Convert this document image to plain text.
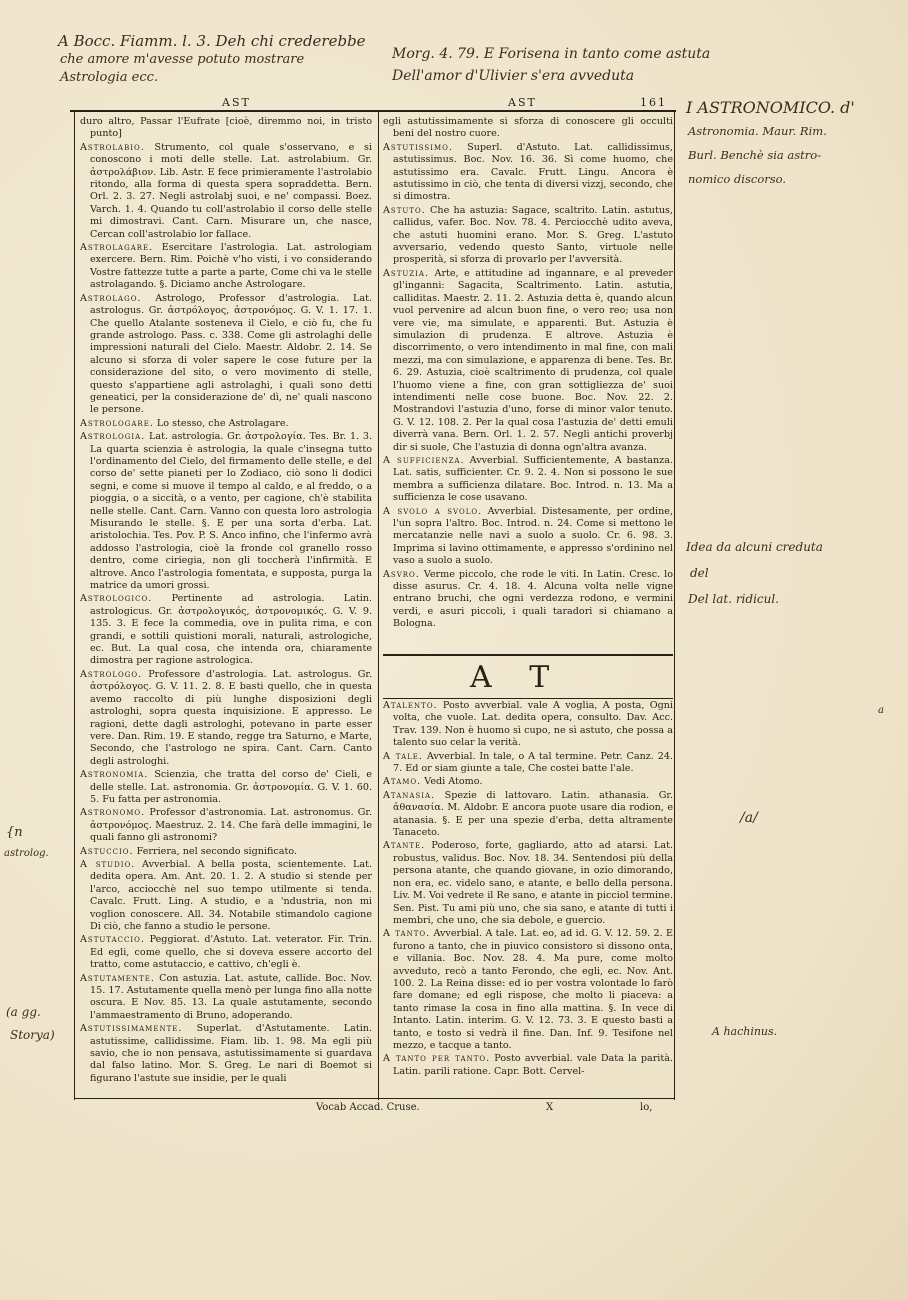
A Bocc. Fiamm. l. 3. Deh chi crederebbe
che amore m'avesse potuto mostrare
Astrologia ecc.
Morg. 4. 79. E Forisena in tanto come astuta
Dell'amor d'Ulivier s'era avveduta
I ASTRONOMICO. d'
Astronomia. Maur. Rim.
Burl. Benchè sia astro-
nomico discorso.
Idea da alcuni creduta
del
Del lat. ridicul.
a
/a/
A hachinus.
{n
astrolog.
(a gg.
Storya)
AST	AST	161

duro altro, Passar l'Eufrate [cioè, diremmo noi, in tristo punto]

Astrolabio. Strumento, col quale s'osservano, e si conoscono i moti delle stelle. Lat. astrolabium. Gr. ἀστρολάβιον. Lib. Astr. E fece primieramente l'astrolabio ritondo, alla forma di questa spera sopraddetta. Bern. Orl. 2. 3. 27. Negli astrolabj suoi, e ne' compassi. Boez. Varch. 1. 4. Quando tu coll'astrolabio il corso delle stelle mi dimostravi. Cant. Carn. Misurare un, che nasce, Cercan coll'astrolabio lor fallace.

Astrolagare. Esercitare l'astrologia. Lat. astrologiam exercere. Bern. Rim. Poichè v'ho visti, i vo considerando Vostre fattezze tutte a parte a parte, Come chi va le stelle astrolagando. §. Diciamo anche Astrologare.

Astrolago. Astrologo, Professor d'astrologia. Lat. astrologus. Gr. ἀστρόλογος, ἀστρονόμος. G. V. 1. 17. 1. Che quello Atalante sosteneva il Cielo, e ciò fu, che fu grande astrologo. Pass. c. 338. Come gli astrolaghi delle impressioni naturali del Cielo. Maestr. Aldobr. 2. 14. Se alcuno si sforza di voler sapere le cose future per la considerazione del sito, o vero movimento di stelle, questo s'appartiene agli astrolaghi, i quali sono detti geneatici, per la considerazione de' dì, ne' quali nascono le persone.

Astrologare. Lo stesso, che Astrolagare.

Astrologia. Lat. astrologia. Gr. ἀστρολογία. Tes. Br. 1. 3. La quarta scienzia è astrologia, la quale c'insegna tutto l'ordinamento del Cielo, del firmamento delle stelle, e del corso de' sette pianeti per lo Zodiaco, ciò sono li dodici segni, e come si muove il tempo al caldo, e al freddo, o a pioggia, o a siccità, o a vento, per cagione, ch'è stabilita nelle stelle. Cant. Carn. Vanno con questa loro astrologia Misurando le stelle. §. E per una sorta d'erba. Lat. aristolochia. Tes. Pov. P. S. Anco infino, che l'infermo avrà addosso l'astrologia, cioè la fronde col granello rosso dentro, come ciriegia, non gli toccherà l'infirmità. E altrove. Anco l'astrologia fomentata, e supposta, purga la matrice da umori grossi.

Astrologico. Pertinente ad astrologia. Latin. astrologicus. Gr. ἀστρολογικός, ἀστρονομικός. G. V. 9. 135. 3. E fece la commedia, ove in pulita rima, e con grandi, e sottili quistioni morali, naturali, astrologiche, ec. But. La qual cosa, che intenda ora, chiaramente dimostra per ragione astrologica.

Astrologo. Professore d'astrologia. Lat. astrologus. Gr. ἀστρόλογος. G. V. 11. 2. 8. E basti quello, che in questa avemo raccolto di più lunghe disposizioni degli astrologhi, sopra questa inquisizione. E appresso. Le ragioni, dette dagli astrologhi, potevano in parte esser vere. Dan. Rim. 19. E stando, regge tra Saturno, e Marte, Secondo, che l'astrologo ne spira. Cant. Carn. Canto degli astrologhi.

Astronomia. Scienzia, che tratta del corso de' Cieli, e delle stelle. Lat. astronomia. Gr. ἀστρονομία. G. V. 1. 60. 5. Fu fatta per astronomia.

Astronomo. Professor d'astronomia. Lat. astronomus. Gr. ἀστρονόμος. Maestruz. 2. 14. Che farà delle immagini, le quali fanno gli astronomi?

Astuccio. Ferriera, nel secondo significato.

A studio. Avverbial. A bella posta, scientemente. Lat. dedita opera. Am. Ant. 20. 1. 2. A studio si stende per l'arco, acciocchè nel suo tempo utilmente si tenda. Cavalc. Frutt. Ling. A studio, e a 'ndustria, non mi voglion conoscere. All. 34. Notabile stimandolo cagione Di ciò, che fanno a studio le persone.

Astutaccio. Peggiorat. d'Astuto. Lat. veterator. Fir. Trin. Ed egli, come quello, che si doveva essere accorto del tratto, come astutaccio, e cattivo, ch'egli è.

Astutamente. Con astuzia. Lat. astute, callide. Boc. Nov. 15. 17. Astutamente quella menò per lunga fino alla notte oscura. E Nov. 85. 13. La quale astutamente, secondo l'ammaestramento di Bruno, adoperando.

Astutissimamente. Superlat. d'Astutamente. Latin. astutissime, callidissime. Fiam. lib. 1. 98. Ma egli più savio, che io non pensava, astutissimamente si guardava dal falso latino. Mor. S. Greg. Le nari di Boemot si figurano l'astute sue insidie, per le quali

egli astutissimamente si sforza di conoscere gli occulti beni del nostro cuore.

Astutissimo. Superl. d'Astuto. Lat. callidissimus, astutissimus. Boc. Nov. 16. 36. Sì come huomo, che astutissimo era. Cavalc. Frutt. Lingu. Ancora è astutissimo in ciò, che tenta di diversi vizzj, secondo, che si dimostra.

Astuto. Che ha astuzia: Sagace, scaltrito. Latin. astutus, callidus, vafer. Boc. Nov. 78. 4. Perciocchè udito aveva, che astuti huomini erano. Mor. S. Greg. L'astuto avversario, vedendo questo Santo, virtuole nelle prosperità, si sforza di provarlo per l'avversità.

Astuzia. Arte, e attitudine ad ingannare, e al preveder gl'inganni: Sagacita, Scaltrimento. Latin. astutia, calliditas. Maestr. 2. 11. 2. Astuzia detta è, quando alcun vuol pervenire ad alcun buon fine, o vero reo; usa non vere vie, ma simulate, e apparenti. But. Astuzia è simulazion di prudenza. E altrove. Astuzia è discorrimento, o vero intendimento in mal fine, con mali mezzi, ma con simulazione, e apparenza di bene. Tes. Br. 6. 29. Astuzia, cioè scaltrimento di prudenza, col quale l'huomo viene a fine, con gran sottigliezza de' suoi intendimenti nelle cose buone. Boc. Nov. 22. 2. Mostrandovi l'astuzia d'uno, forse di minor valor tenuto. G. V. 12. 108. 2. Per la qual cosa l'astuzia de' detti emuli diverrà vana. Bern. Orl. 1. 2. 57. Negli antichi proverbj dir si suole, Che l'astuzia di donna ogn'altra avanza.

A sufficienza. Avverbial. Sufficientemente, A bastanza. Lat. satis, sufficienter. Cr. 9. 2. 4. Non si possono le sue membra a sufficienza dilatare. Boc. Introd. n. 13. Ma a sufficienza le cose usavano.

A svolo a svolo. Avverbial. Distesamente, per ordine, l'un sopra l'altro. Boc. Introd. n. 24. Come si mettono le mercatanzie nelle navi a suolo a suolo. Cr. 6. 98. 3. Imprima si lavino ottimamente, e appresso s'ordinino nel vaso a suolo a suolo.

Asvro. Verme piccolo, che rode le viti. In Latin. Cresc. lo disse asurus. Cr. 4. 18. 4. Alcuna volta nelle vigne entrano bruchi, che ogni verdezza rodono, e vermini verdi, e asuri piccoli, i quali taradori si chiamano a Bologna.

A T

Atalento. Posto avverbial. vale A voglia, A posta, Ogni volta, che vuole. Lat. dedita opera, consulto. Dav. Acc. Trav. 139. Non è huomo sì cupo, ne sì astuto, che possa a talento suo celar la verità.

A tale. Avverbial. In tale, o A tal termine. Petr. Canz. 24. 7. Ed or siam giunte a tale, Che costei batte l'ale.

Atamo. Vedi Atomo.

Atanasia. Spezie di lattovaro. Latin. athanasia. Gr. ἀθανασία. M. Aldobr. E ancora puote usare dia rodion, e atanasia. §. E per una spezie d'erba, detta altramente Tanaceto.

Atante. Poderoso, forte, gagliardo, atto ad atarsi. Lat. robustus, validus. Boc. Nov. 18. 34. Sentendosi più della persona atante, che quando giovane, in ozio dimorando, non era, ec. videlo sano, e atante, e bello della persona. Liv. M. Voi vedrete il Re sano, e atante in picciol termine. Sen. Pist. Tu ami più uno, che sia sano, e atante di tutti i membri, che uno, che sia debole, e guercio.

A tanto. Avverbial. A tale. Lat. eo, ad id. G. V. 12. 59. 2. E furono a tanto, che in piuvico consistoro si dissono onta, e villania. Boc. Nov. 28. 4. Ma pure, come molto avveduto, recò a tanto Ferondo, che egli, ec. Nov. Ant. 100. 2. La Reina disse: ed io per vostra volontade lo farò fare domane; ed egli rispose, che molto li piaceva: a tanto rimase la cosa in fino alla mattina. §. In vece di Intanto. Latin. interim. G. V. 12. 73. 3. E questo basti a tanto, e tosto si vedrà il fine. Dan. Inf. 9. Tesifone nel mezzo, e tacque a tanto.

A tanto per tanto. Posto avverbial. vale Data la parità. Latin. parili ratione. Capr. Bott. Cervel-

Vocab Accad. Cruse.	X	lo,
